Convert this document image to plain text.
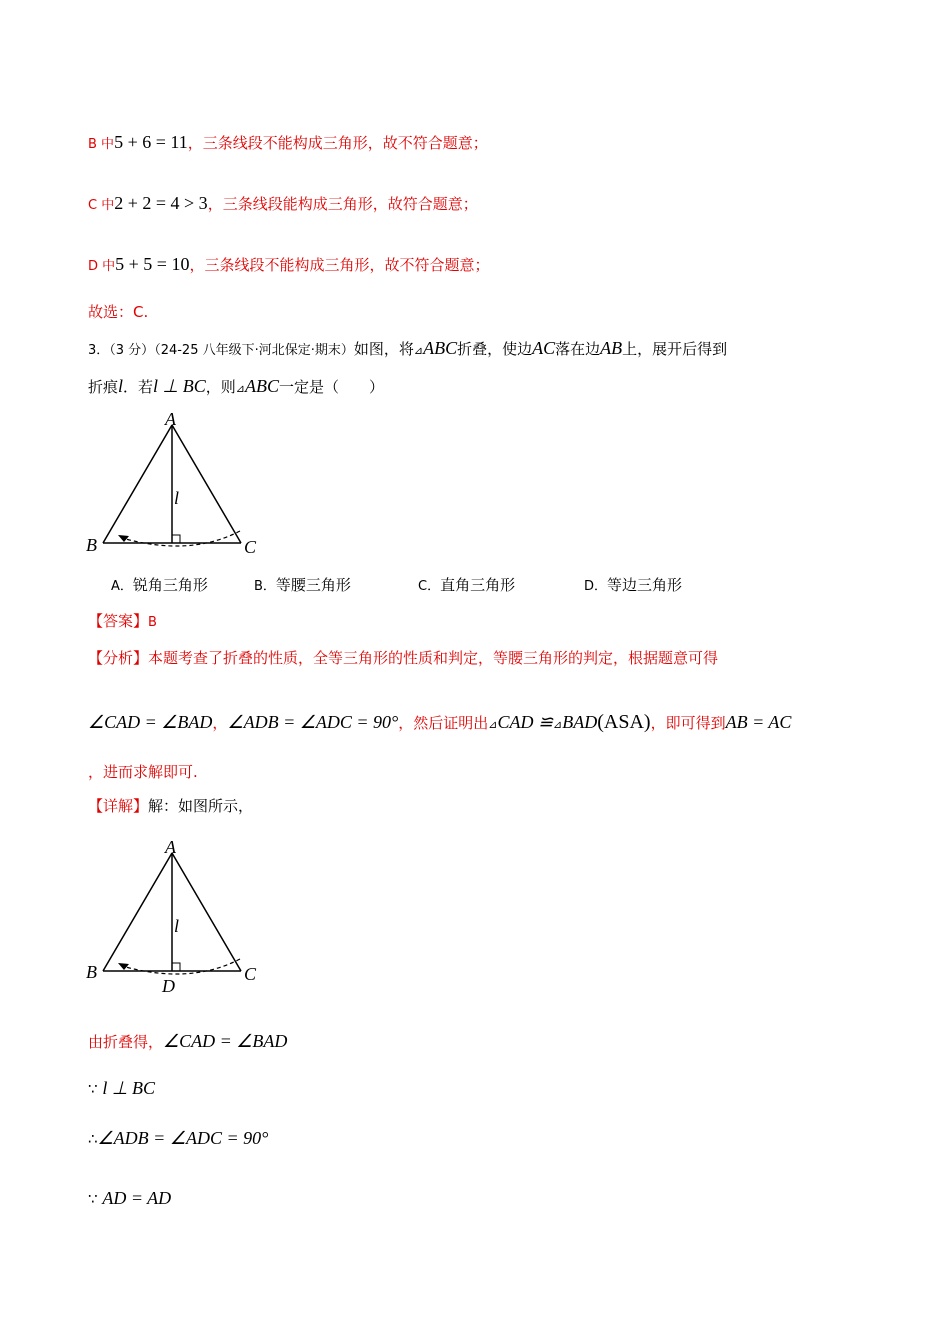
B 中5 + 6 = 11，三条线段不能构成三角形，故不符合题意；
C 中2 + 2 = 4 > 3，三条线段能构成三角形，故符合题意；
D 中5 + 5 = 10，三条线段不能构成三角形，故不符合题意；
故选：C.
3．（3 分）（24-25 八年级下·河北保定·期末）如图，将⊿ABC折叠，使边AC落在边AB上，展开后得到
折痕l．若l ⊥ BC，则⊿ABC一定是（　　）
A
B	C
l
A．锐角三角形	B．等腰三角形	C．直角三角形	D．等边三角形
【答案】B
【分析】本题考查了折叠的性质，全等三角形的性质和判定，等腰三角形的判定，根据题意可得
∠CAD = ∠BAD，∠ADB = ∠ADC = 90°，然后证明出⊿CAD ≌⊿BAD(ASA)，即可得到AB = AC
，进而求解即可.
【详解】解：如图所示，
A
B	C
D
l
由折叠得，∠CAD = ∠BAD
∵ l ⊥ BC
∴∠ADB = ∠ADC = 90°
∵ AD = AD
